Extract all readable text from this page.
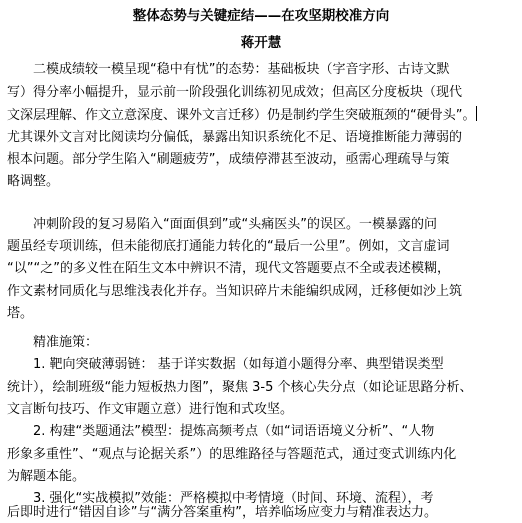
整体态势与关键症结——在攻坚期校准方向
蒋开慧
二模成绩较一模呈现“稳中有忧”的态势：基础板块（字音字形、古诗文默
写）得分率小幅提升，显示前一阶段强化训练初见成效；但高区分度板块（现代
文深层理解、作文立意深度、课外文言迁移）仍是制约学生突破瓶颈的“硬骨头”。
尤其课外文言对比阅读均分偏低，暴露出知识系统化不足、语境推断能力薄弱的
根本问题。部分学生陷入“刷题疲劳”，成绩停滞甚至波动，亟需心理疏导与策
略调整。
冲刺阶段的复习易陷入“面面俱到”或“头痛医头”的误区。一模暴露的问
题虽经专项训练，但未能彻底打通能力转化的“最后一公里”。例如，文言虚词
“以”“之”的多义性在陌生文本中辨识不清，现代文答题要点不全或表述模糊，
作文素材同质化与思维浅表化并存。当知识碎片未能编织成网，迁移便如沙上筑
塔。
精准施策：
1. 靶向突破薄弱链： 基于详实数据（如每道小题得分率、典型错误类型
统计），绘制班级“能力短板热力图”，聚焦 3-5 个核心失分点（如论证思路分析、
文言断句技巧、作文审题立意）进行饱和式攻坚。
2. 构建“类题通法”模型：提炼高频考点（如“词语语境义分析”、“人物
形象多重性”、“观点与论据关系”）的思维路径与答题范式，通过变式训练内化
为解题本能。
3. 强化“实战模拟”效能：严格模拟中考情境（时间、环境、流程），考
后即时进行“错因自诊”与“满分答案重构”，培养临场应变力与精准表达力。
